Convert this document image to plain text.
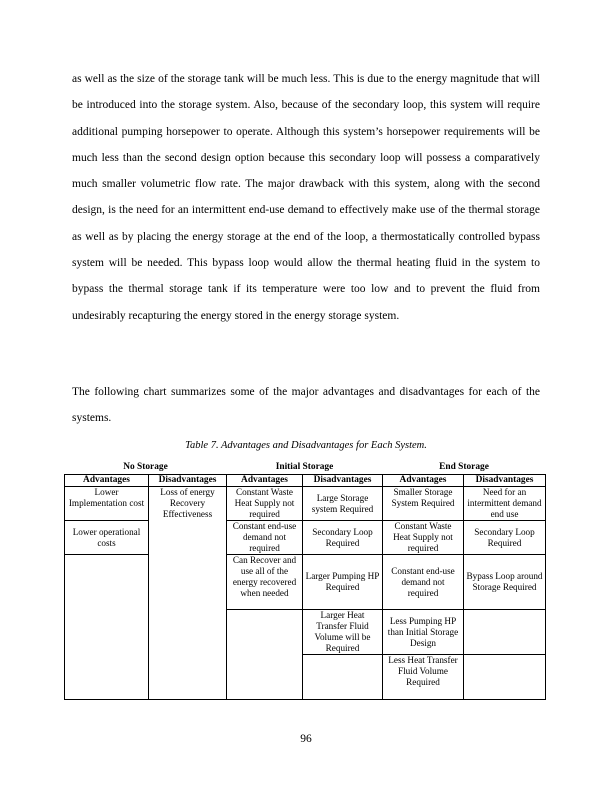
as well as the size of the storage tank will be much less. This is due to the energy magnitude that will be introduced into the storage system. Also, because of the secondary loop, this system will require additional pumping horsepower to operate. Although this system’s horsepower requirements will be much less than the second design option because this secondary loop will possess a comparatively much smaller volumetric flow rate. The major drawback with this system, along with the second design, is the need for an intermittent end-use demand to effectively make use of the thermal storage as well as by placing the energy storage at the end of the loop, a thermostatically controlled bypass system will be needed. This bypass loop would allow the thermal heating fluid in the system to bypass the thermal storage tank if its temperature were too low and to prevent the fluid from undesirably recapturing the energy stored in the energy storage system.

The following chart summarizes some of the major advantages and disadvantages for each of the systems.

Table 7. Advantages and Disadvantages for Each System.

No Storage		Initial Storage		End Storage	
Advantages	Disadvantages	Advantages	Disadvantages	Advantages	Disadvantages
Lower Implementation cost	Loss of energy Recovery Effectiveness	Constant Waste Heat Supply not required	Large Storage system Required	Smaller Storage System Required	Need for an intermittent demand end use
Lower operational costs		Constant end-use demand not required	Secondary Loop Required	Constant Waste Heat Supply not required	Secondary Loop Required
		Can Recover and use all of the energy recovered when needed	Larger Pumping HP Required	Constant end-use demand not required	Bypass Loop around Storage Required
			Larger Heat Transfer Fluid Volume will be Required	Less Pumping HP than Initial Storage Design	
				Less Heat Transfer Fluid Volume Required	

96
